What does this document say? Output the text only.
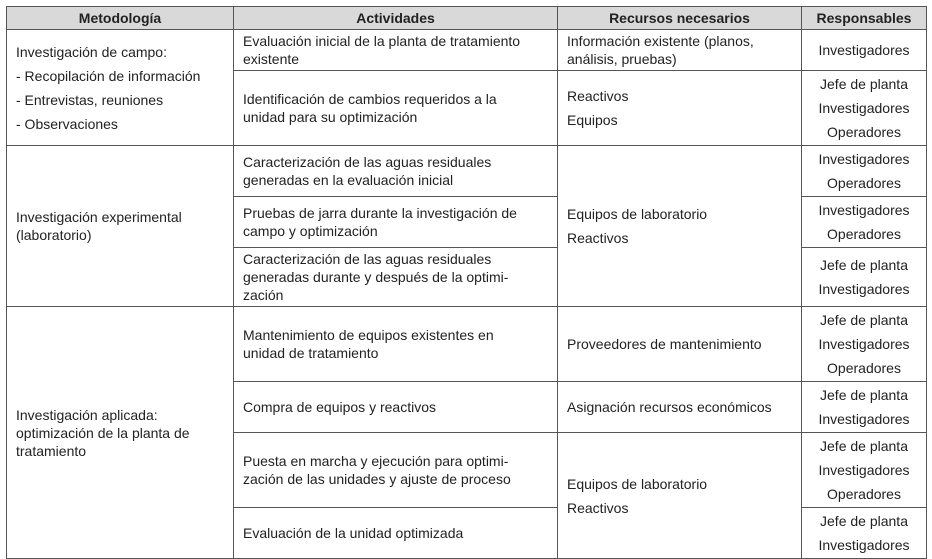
Metodología	Actividades	Recursos necesarios	Responsables

Investigación de campo:
- Recopilación de información
- Entrevistas, reuniones
- Observaciones	Evaluación inicial de la planta de tratamiento
existente	Información existente (planos,
análisis, pruebas)	Investigadores

	Identificación de cambios requeridos a la
unidad para su optimización	Reactivos
Equipos	Jefe de planta
Investigadores
Operadores

Investigación experimental
(laboratorio)	Caracterización de las aguas residuales
generadas en la evaluación inicial	Equipos de laboratorio
Reactivos	Investigadores
Operadores

	Pruebas de jarra durante la investigación de
campo y optimización		Investigadores
Operadores

	Caracterización de las aguas residuales
generadas durante y después de la optimi-
zación		Jefe de planta
Investigadores

Investigación aplicada:
optimización de la planta de
tratamiento	Mantenimiento de equipos existentes en
unidad de tratamiento	Proveedores de mantenimiento	Jefe de planta
Investigadores
Operadores

	Compra de equipos y reactivos	Asignación recursos económicos	Jefe de planta
Investigadores

	Puesta en marcha y ejecución para optimi-
zación de las unidades y ajuste de proceso	Equipos de laboratorio
Reactivos	Jefe de planta
Investigadores
Operadores

	Evaluación de la unidad optimizada		Jefe de planta
Investigadores
